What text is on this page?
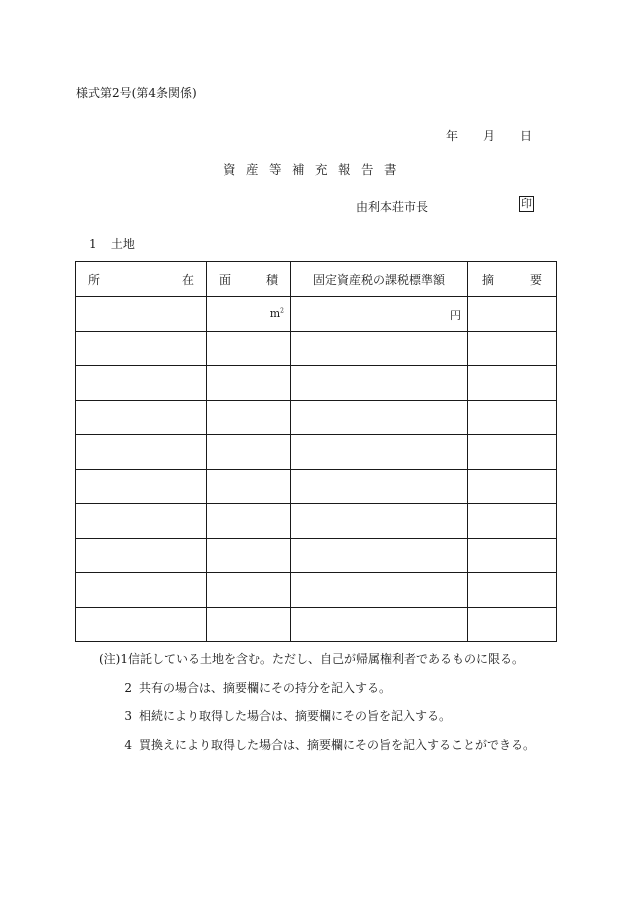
様式第2号(第4条関係)
年 月 日
資産等補充報告書
由利本荘市長	印
1 土地
所 在	面 積	固定資産税の課税標準額	摘 要

	$m^2$	円	

(注)1信託している土地を含む。ただし、自己が帰属権利者であるものに限る。
2 共有の場合は、摘要欄にその持分を記入する。
3 相続により取得した場合は、摘要欄にその旨を記入する。
4 買換えにより取得した場合は、摘要欄にその旨を記入することができる。
